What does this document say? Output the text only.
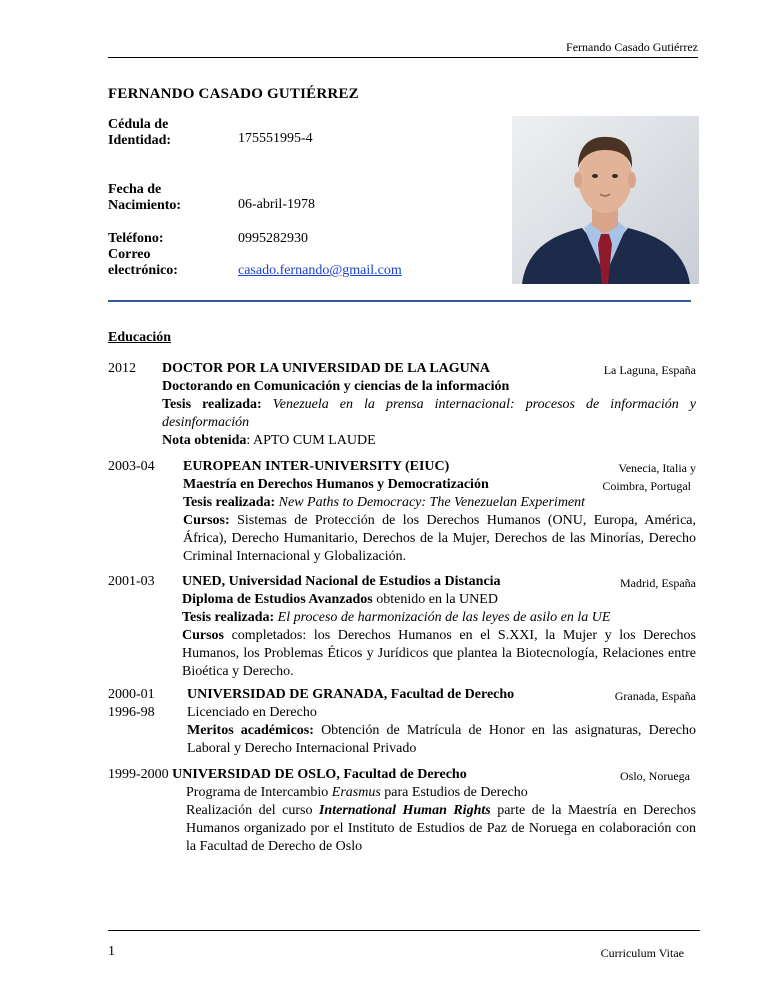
Fernando Casado Gutiérrez
FERNANDO CASADO GUTIÉRREZ
Cédula de
Identidad:	175551995-4
Fecha de
Nacimiento:	06-abril-1978
Teléfono:	0995282930
Correo
electrónico:	casado.fernando@gmail.com
Educación
2012 DOCTOR POR LA UNIVERSIDAD DE LA LAGUNA	La Laguna, España
Doctorando en Comunicación y ciencias de la información
Tesis realizada: Venezuela en la prensa internacional: procesos de información y desinformación
Nota obtenida: APTO CUM LAUDE
2003-04 EUROPEAN INTER-UNIVERSITY (EIUC)	Venecia, Italia y
Maestría en Derechos Humanos y Democratización	Coimbra, Portugal
Tesis realizada: New Paths to Democracy: The Venezuelan Experiment
Cursos: Sistemas de Protección de los Derechos Humanos (ONU, Europa, América, África), Derecho Humanitario, Derechos de la Mujer, Derechos de las Minorías, Derecho Criminal Internacional y Globalización.
2001-03 UNED, Universidad Nacional de Estudios a Distancia	Madrid, España
Diploma de Estudios Avanzados obtenido en la UNED
Tesis realizada: El proceso de harmonización de las leyes de asilo en la UE
Cursos completados: los Derechos Humanos en el S.XXI, la Mujer y los Derechos Humanos, los Problemas Éticos y Jurídicos que plantea la Biotecnología, Relaciones entre Bioética y Derecho.
2000-01
1996-98
UNIVERSIDAD DE GRANADA, Facultad de Derecho	Granada, España
Licenciado en Derecho
Meritos académicos: Obtención de Matrícula de Honor en las asignaturas, Derecho Laboral y Derecho Internacional Privado
1999-2000 UNIVERSIDAD DE OSLO, Facultad de Derecho	Oslo, Noruega
Programa de Intercambio Erasmus para Estudios de Derecho
Realización del curso International Human Rights parte de la Maestría en Derechos Humanos organizado por el Instituto de Estudios de Paz de Noruega en colaboración con la Facultad de Derecho de Oslo
1	Curriculum Vitae
